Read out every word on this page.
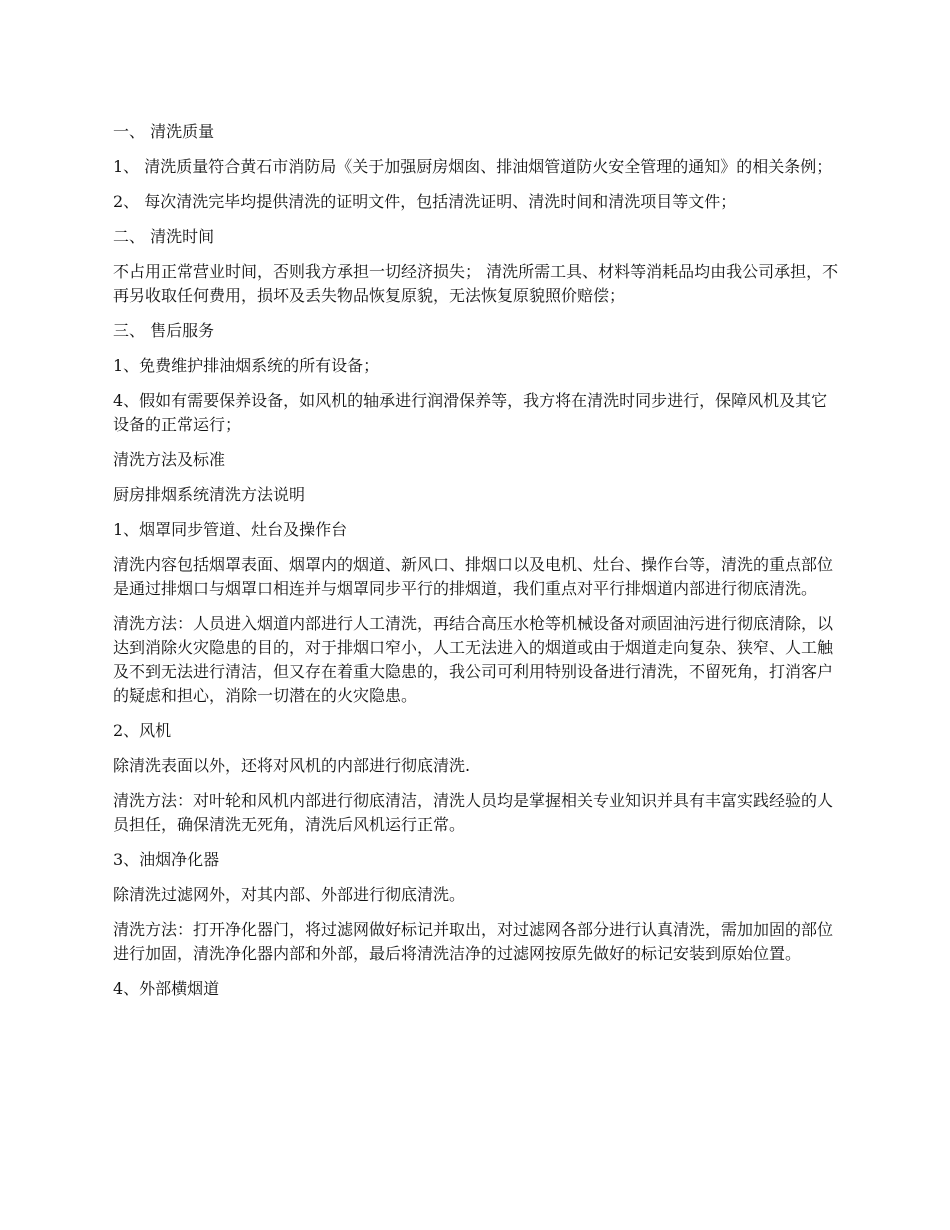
一、 清洗质量

1、 清洗质量符合黄石市消防局《关于加强厨房烟囱、排油烟管道防火安全管理的通知》的相关条例；

2、 每次清洗完毕均提供清洗的证明文件，包括清洗证明、清洗时间和清洗项目等文件；

二、 清洗时间

不占用正常营业时间，否则我方承担一切经济损失； 清洗所需工具、材料等消耗品均由我公司承担，不再另收取任何费用，损坏及丢失物品恢复原貌，无法恢复原貌照价赔偿；

三、 售后服务

1、免费维护排油烟系统的所有设备；

4、假如有需要保养设备，如风机的轴承进行润滑保养等，我方将在清洗时同步进行，保障风机及其它设备的正常运行；

清洗方法及标准

厨房排烟系统清洗方法说明

1、烟罩同步管道、灶台及操作台

清洗内容包括烟罩表面、烟罩内的烟道、新风口、排烟口以及电机、灶台、操作台等，清洗的重点部位是通过排烟口与烟罩口相连并与烟罩同步平行的排烟道，我们重点对平行排烟道内部进行彻底清洗。

清洗方法：人员进入烟道内部进行人工清洗，再结合高压水枪等机械设备对顽固油污进行彻底清除，以达到消除火灾隐患的目的，对于排烟口窄小，人工无法进入的烟道或由于烟道走向复杂、狭窄、人工触及不到无法进行清洁，但又存在着重大隐患的，我公司可利用特别设备进行清洗，不留死角，打消客户的疑虑和担心，消除一切潜在的火灾隐患。

2、风机

除清洗表面以外，还将对风机的内部进行彻底清洗.

清洗方法：对叶轮和风机内部进行彻底清洁，清洗人员均是掌握相关专业知识并具有丰富实践经验的人员担任，确保清洗无死角，清洗后风机运行正常。

3、油烟净化器

除清洗过滤网外，对其内部、外部进行彻底清洗。

清洗方法：打开净化器门，将过滤网做好标记并取出，对过滤网各部分进行认真清洗，需加加固的部位进行加固，清洗净化器内部和外部，最后将清洗洁净的过滤网按原先做好的标记安装到原始位置。

4、外部横烟道
